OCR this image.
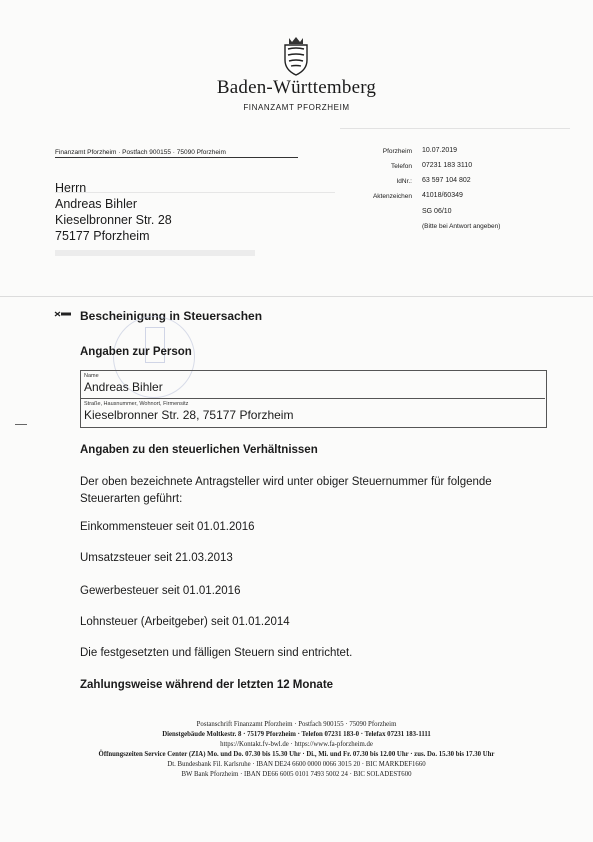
Baden-Württemberg
FINANZAMT PFORZHEIM
Finanzamt Pforzheim · Postfach 900155 · 75090 Pforzheim
Herrn
Andreas Bihler
Kieselbronner Str. 28
75177 Pforzheim
Pforzheim 10.07.2019
Telefon 07231 183 3110
IdNr.: 63 597 104 802
Aktenzeichen 41018/60349
SG 06/10
(Bitte bei Antwort angeben)
Bescheinigung in Steuersachen
Angaben zur Person
Name
Andreas Bihler
Straße, Hausnummer, Wohnort, Firmensitz
Kieselbronner Str. 28, 75177 Pforzheim
Angaben zu den steuerlichen Verhältnissen
Der oben bezeichnete Antragsteller wird unter obiger Steuernummer für folgende Steuerarten geführt:
Einkommensteuer seit 01.01.2016
Umsatzsteuer seit 21.03.2013
Gewerbesteuer seit 01.01.2016
Lohnsteuer (Arbeitgeber) seit 01.01.2014
Die festgesetzten und fälligen Steuern sind entrichtet.
Zahlungsweise während der letzten 12 Monate
Postanschrift Finanzamt Pforzheim · Postfach 900155 · 75090 Pforzheim
Dienstgebäude Moltkestr. 8 · 75179 Pforzheim · Telefon 07231 183-0 · Telefax 07231 183-1111
https://Kontakt.fv-bwl.de · https://www.fa-pforzheim.de
Öffnungszeiten Service Center (ZIA) Mo. und Do. 07.30 bis 15.30 Uhr · Di., Mi. und Fr. 07.30 bis 12.00 Uhr · zus. Do. 15.30 bis 17.30 Uhr
Dt. Bundesbank Fil. Karlsruhe · IBAN DE24 6600 0000 0066 3015 20 · BIC MARKDEF1660
BW Bank Pforzheim · IBAN DE66 6005 0101 7493 5002 24 · BIC SOLADEST600
